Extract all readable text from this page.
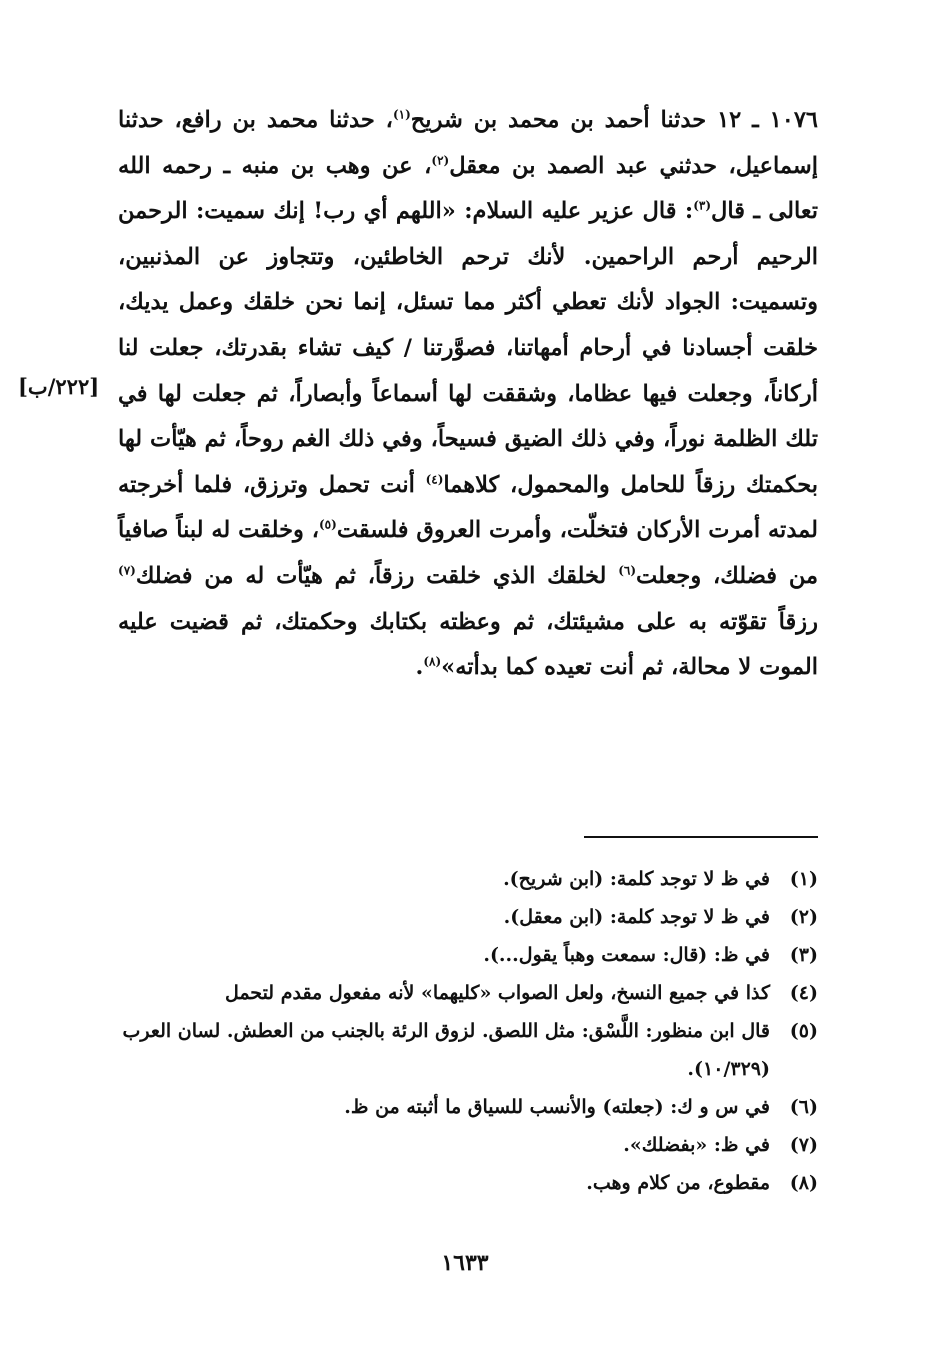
١٠٧٦ ـ ١٢ حدثنا أحمد بن محمد بن شريح$^{(١)}$، حدثنا محمد بن رافع، حدثنا إسماعيل، حدثني عبد الصمد بن معقل$^{(٢)}$، عن وهب بن منبه ـ رحمه الله تعالى ـ قال$^{(٣)}$: قال عزير عليه السلام: «اللهم أي رب! إنك سميت: الرحمن الرحيم أرحم الراحمين. لأنك ترحم الخاطئين، وتتجاوز عن المذنبين، وتسميت: الجواد لأنك تعطي أكثر مما تسئل، إنما نحن خلقك وعمل يديك، خلقت أجسادنا في أرحام أمهاتنا، فصوَّرتنا / كيف تشاء بقدرتك، جعلت لنا أركاناً، وجعلت فيها عظاما، وشققت لها أسماعاً وأبصاراً، ثم جعلت لها في تلك الظلمة نوراً، وفي ذلك الضيق فسيحاً، وفي ذلك الغم روحاً، ثم هيّأت لها بحكمتك رزقاً للحامل والمحمول، كلاهما$^{(٤)}$ أنت تحمل وترزق، فلما أخرجته لمدته أمرت الأركان فتخلّت، وأمرت العروق فلسقت$^{(٥)}$، وخلقت له لبناً صافياً من فضلك، وجعلت$^{(٦)}$ لخلقك الذي خلقت رزقاً، ثم هيّأت له من فضلك$^{(٧)}$ رزقاً تقوّته به على مشيئتك، ثم وعظته بكتابك وحكمتك، ثم قضيت عليه الموت لا محالة، ثم أنت تعيده كما بدأته»$^{(٨)}$.

[٢٢٢/ب]
(١)
في ظ لا توجد كلمة: (ابن شريح).
(٢)
في ظ لا توجد كلمة: (ابن معقل).
(٣)
في ظ: (قال: سمعت وهباً يقول...).
(٤)
كذا في جميع النسخ، ولعل الصواب «كليهما» لأنه مفعول مقدم لتحمل
(٥)
قال ابن منظور: اللَّسْق: مثل اللصق. لزوق الرئة بالجنب من العطش. لسان العرب (١٠/٣٢٩).
(٦)
في س و ك: (جعلته) والأنسب للسياق ما أثبته من ظ.
(٧)
في ظ: «بفضلك».
(٨)
مقطوع، من كلام وهب.
١٦٣٣
